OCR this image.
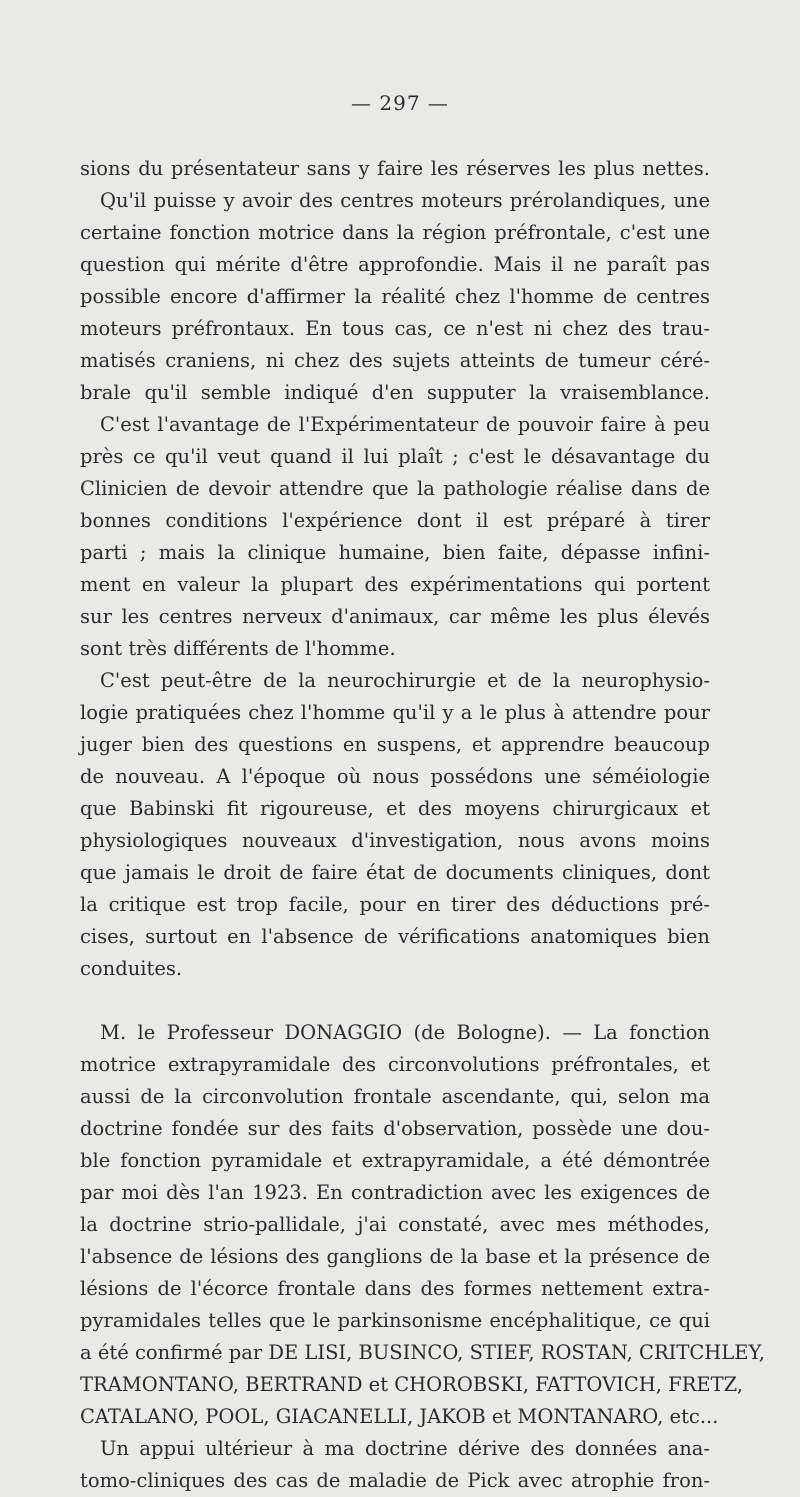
— 297 —
sions du présentateur sans y faire les réserves les plus nettes.
Qu'il puisse y avoir des centres moteurs prérolandiques, une
certaine fonction motrice dans la région préfrontale, c'est une
question qui mérite d'être approfondie. Mais il ne paraît pas
possible encore d'affirmer la réalité chez l'homme de centres
moteurs préfrontaux. En tous cas, ce n'est ni chez des trau-
matisés craniens, ni chez des sujets atteints de tumeur céré-
brale qu'il semble indiqué d'en supputer la vraisemblance.
C'est l'avantage de l'Expérimentateur de pouvoir faire à peu
près ce qu'il veut quand il lui plaît ; c'est le désavantage du
Clinicien de devoir attendre que la pathologie réalise dans de
bonnes conditions l'expérience dont il est préparé à tirer
parti ; mais la clinique humaine, bien faite, dépasse infini-
ment en valeur la plupart des expérimentations qui portent
sur les centres nerveux d'animaux, car même les plus élevés
sont très différents de l'homme.
C'est peut-être de la neurochirurgie et de la neurophysio-
logie pratiquées chez l'homme qu'il y a le plus à attendre pour
juger bien des questions en suspens, et apprendre beaucoup
de nouveau. A l'époque où nous possédons une séméiologie
que Babinski fit rigoureuse, et des moyens chirurgicaux et
physiologiques nouveaux d'investigation, nous avons moins
que jamais le droit de faire état de documents cliniques, dont
la critique est trop facile, pour en tirer des déductions pré-
cises, surtout en l'absence de vérifications anatomiques bien
conduites.
M. le Professeur DONAGGIO (de Bologne). — La fonction
motrice extrapyramidale des circonvolutions préfrontales, et
aussi de la circonvolution frontale ascendante, qui, selon ma
doctrine fondée sur des faits d'observation, possède une dou-
ble fonction pyramidale et extrapyramidale, a été démontrée
par moi dès l'an 1923. En contradiction avec les exigences de
la doctrine strio-pallidale, j'ai constaté, avec mes méthodes,
l'absence de lésions des ganglions de la base et la présence de
lésions de l'écorce frontale dans des formes nettement extra-
pyramidales telles que le parkinsonisme encéphalitique, ce qui
a été confirmé par DE LISI, BUSINCO, STIEF, ROSTAN, CRITCHLEY,
TRAMONTANO, BERTRAND et CHOROBSKI, FATTOVICH, FRETZ,
CATALANO, POOL, GIACANELLI, JAKOB et MONTANARO, etc...
Un appui ultérieur à ma doctrine dérive des données ana-
tomo-cliniques des cas de maladie de Pick avec atrophie fron-
